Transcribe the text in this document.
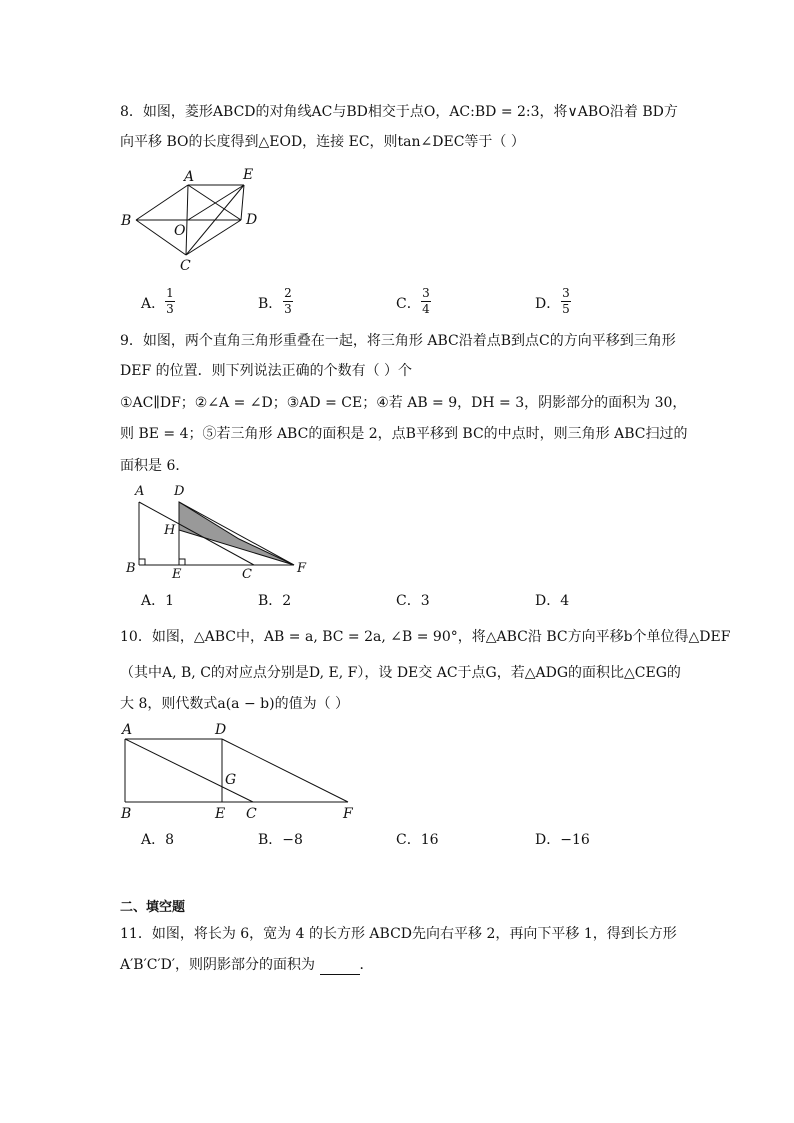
8．如图，菱形ABCD的对角线AC与BD相交于点O，AC:BD = 2:3，将∨ABO沿着 BD方
向平移 BO的长度得到△EOD，连接 EC，则tan∠DEC等于（ ）
A
B
C
D
E
O
A．
1
3	B．
2
3	C．
3
4	D．
3
5
9．如图，两个直角三角形重叠在一起，将三角形 ABC沿着点B到点C的方向平移到三角形
DEF 的位置．则下列说法正确的个数有（ ）个
①AC∥DF；②∠A = ∠D；③AD = CE；④若 AB = 9，DH = 3，阴影部分的面积为 30，
则 BE = 4；⑤若三角形 ABC的面积是 2，点B平移到 BC的中点时，则三角形 ABC扫过的
面积是 6．
A
B	C
D
E	F
H
A．1	B．2	C．3	D．4
10．如图，△ABC中，AB = a, BC = 2a, ∠B = 90°，将△ABC沿 BC方向平移b个单位得△DEF
（其中A, B, C的对应点分别是D, E, F），设 DE交 AC于点G，若△ADG的面积比△CEG的
大 8，则代数式a(a − b)的值为（ ）
A
B	C
D
E	F
G
A．8	B．−8	C．16	D．−16
二、填空题
11．如图，将长为 6，宽为 4 的长方形 ABCD先向右平移 2，再向下平移 1，得到长方形
A′B′C′D′，则阴影部分的面积为	．
